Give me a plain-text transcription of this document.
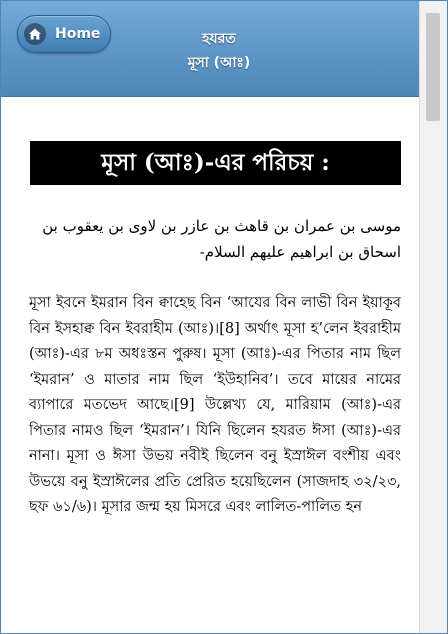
Home	হযরত
মূসা (আঃ)
মূসা (আঃ)-এর পরিচয় :
موسى بن عمران بن قاهث بن عازر بن لاوى بن يعقوب بن اسحاق بن ابراهيم عليهم السلام-
মূসা ইবনে ইমরান বিন ক্বাহেছ বিন ‘আযের বিন লাভী বিন ইয়াকূব বিন ইসহাক্ব বিন ইবরাহীম (আঃ)।[8] অর্থাৎ মূসা হ’লেন ইবরাহীম (আঃ)-এর ৮ম অধঃস্তন পুরুষ। মূসা (আঃ)-এর পিতার নাম ছিল ‘ইমরান’ ও মাতার নাম ছিল ‘ইউহানিব’। তবে মায়ের নামের ব্যাপারে মতভেদ আছে।[9] উল্লেখ্য যে, মারিয়াম (আঃ)-এর পিতার নামও ছিল ‘ইমরান’। যিনি ছিলেন হযরত ঈসা (আঃ)-এর নানা। মূসা ও ঈসা উভয় নবীই ছিলেন বনু ইস্রাঈল বংশীয় এবং উভয়ে বনু ইস্রাঈলের প্রতি প্রেরিত হয়েছিলেন (সাজদাহ ৩২/২৩, ছফ ৬১/৬)। মূসার জন্ম হয় মিসরে এবং লালিত-পালিত হন
